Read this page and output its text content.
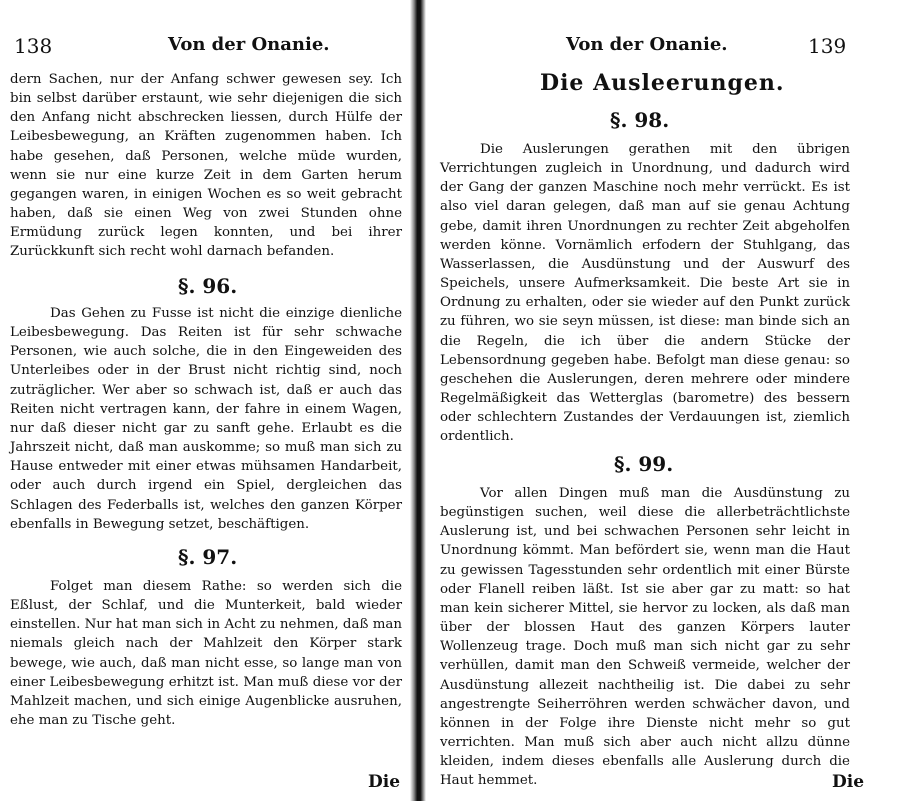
138	Von der Onanie.

dern Sachen, nur der Anfang schwer gewesen sey. Ich bin selbst darüber erstaunt, wie sehr diejenigen die sich den Anfang nicht abschrecken liessen, durch Hülfe der Leibesbewegung, an Kräften zugenommen haben. Ich habe gesehen, daß Personen, welche müde wurden, wenn sie nur eine kurze Zeit in dem Garten herum gegangen waren, in einigen Wochen es so weit gebracht haben, daß sie einen Weg von zwei Stunden ohne Ermüdung zurück legen konnten, und bei ihrer Zurückkunft sich recht wohl darnach befanden.

§. 96.

Das Gehen zu Fusse ist nicht die einzige dienliche Leibesbewegung. Das Reiten ist für sehr schwache Personen, wie auch solche, die in den Eingeweiden des Unterleibes oder in der Brust nicht richtig sind, noch zuträglicher. Wer aber so schwach ist, daß er auch das Reiten nicht vertragen kann, der fahre in einem Wagen, nur daß dieser nicht gar zu sanft gehe. Erlaubt es die Jahrszeit nicht, daß man auskomme; so muß man sich zu Hause entweder mit einer etwas mühsamen Handarbeit, oder auch durch irgend ein Spiel, dergleichen das Schlagen des Federballs ist, welches den ganzen Körper ebenfalls in Bewegung setzet, beschäftigen.

§. 97.

Folget man diesem Rathe: so werden sich die Eßlust, der Schlaf, und die Munterkeit, bald wieder einstellen. Nur hat man sich in Acht zu nehmen, daß man niemals gleich nach der Mahlzeit den Körper stark bewege, wie auch, daß man nicht esse, so lange man von einer Leibesbewegung erhitzt ist. Man muß diese vor der Mahlzeit machen, und sich einige Augenblicke ausruhen, ehe man zu Tische geht.

Die
Von der Onanie.	139
Die Ausleerungen.
§. 98.

Die Auslerungen gerathen mit den übrigen Verrichtungen zugleich in Unordnung, und dadurch wird der Gang der ganzen Maschine noch mehr verrückt. Es ist also viel daran gelegen, daß man auf sie genau Achtung gebe, damit ihren Unordnungen zu rechter Zeit abgeholfen werden könne. Vornämlich erfodern der Stuhlgang, das Wasserlassen, die Ausdünstung und der Auswurf des Speichels, unsere Aufmerksamkeit. Die beste Art sie in Ordnung zu erhalten, oder sie wieder auf den Punkt zurück zu führen, wo sie seyn müssen, ist diese: man binde sich an die Regeln, die ich über die andern Stücke der Lebensordnung gegeben habe. Befolgt man diese genau: so geschehen die Auslerungen, deren mehrere oder mindere Regelmäßigkeit das Wetterglas (barometre) des bessern oder schlechtern Zustandes der Verdauungen ist, ziemlich ordentlich.

§. 99.

Vor allen Dingen muß man die Ausdünstung zu begünstigen suchen, weil diese die allerbeträchtlichste Auslerung ist, und bei schwachen Personen sehr leicht in Unordnung kömmt. Man befördert sie, wenn man die Haut zu gewissen Tagesstunden sehr ordentlich mit einer Bürste oder Flanell reiben läßt. Ist sie aber gar zu matt: so hat man kein sicherer Mittel, sie hervor zu locken, als daß man über der blossen Haut des ganzen Körpers lauter Wollenzeug trage. Doch muß man sich nicht gar zu sehr verhüllen, damit man den Schweiß vermeide, welcher der Ausdünstung allezeit nachtheilig ist. Die dabei zu sehr angestrengte Seiherröhren werden schwächer davon, und können in der Folge ihre Dienste nicht mehr so gut verrichten. Man muß sich aber auch nicht allzu dünne kleiden, indem dieses ebenfalls alle Auslerung durch die Haut hemmet.	Die
